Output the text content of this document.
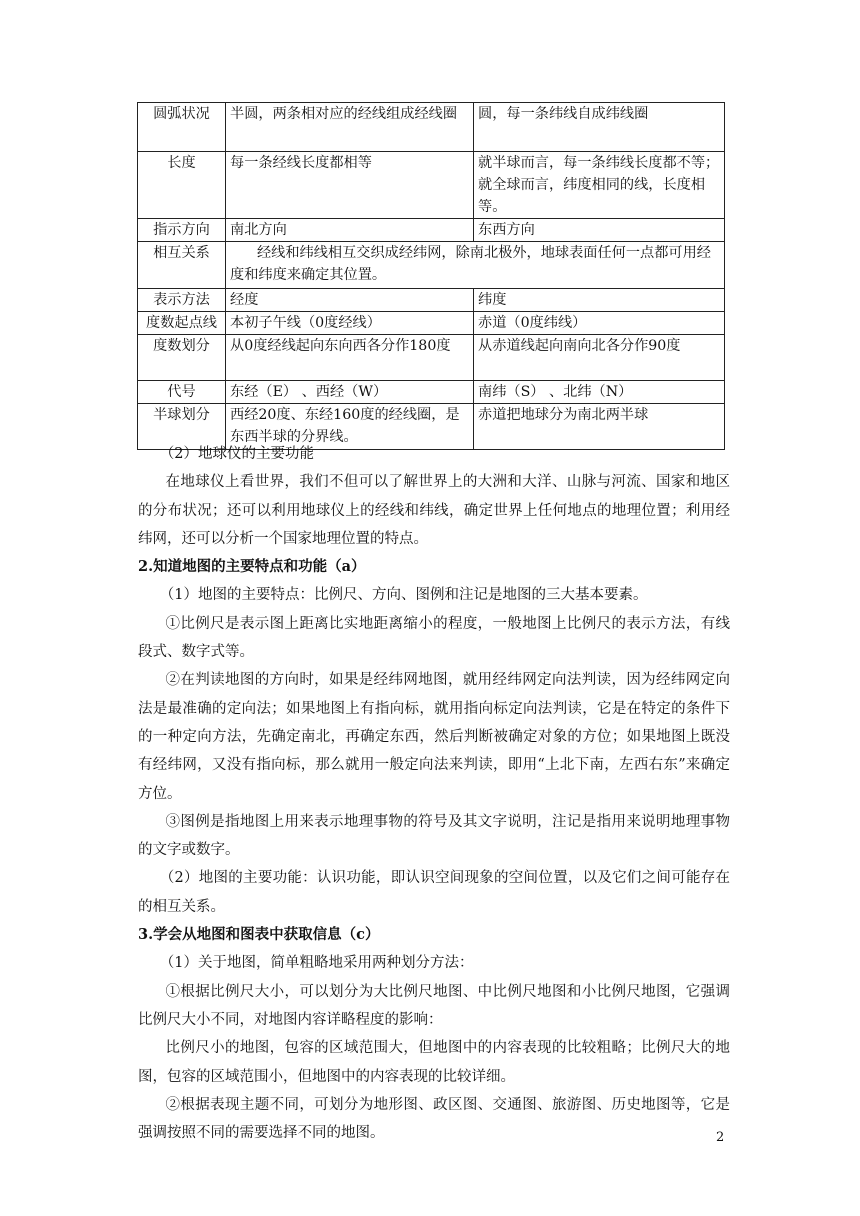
圆弧状况	半圆，两条相对应的经线组成经线圈	圆，每一条纬线自成纬线圈
长度	每一条经线长度都相等	就半球而言，每一条纬线长度都不等；就全球而言，纬度相同的线，长度相等。
指示方向	南北方向	东西方向
相互关系	经线和纬线相互交织成经纬网，除南北极外，地球表面任何一点都可用经度和纬度来确定其位置。	
表示方法	经度	纬度
度数起点线	本初子午线（0度经线）	赤道（0度纬线）
度数划分	从0度经线起向东向西各分作180度	从赤道线起向南向北各分作90度
代号	东经（E） 、西经（W）	南纬（S） 、北纬（N）
半球划分	西经20度、东经160度的经线圈，是东西半球的分界线。	赤道把地球分为南北两半球

（2）地球仪的主要功能

在地球仪上看世界，我们不但可以了解世界上的大洲和大洋、山脉与河流、国家和地区的分布状况；还可以利用地球仪上的经线和纬线，确定世界上任何地点的地理位置；利用经纬网，还可以分析一个国家地理位置的特点。

2.知道地图的主要特点和功能（a）

（1）地图的主要特点：比例尺、方向、图例和注记是地图的三大基本要素。

①比例尺是表示图上距离比实地距离缩小的程度，一般地图上比例尺的表示方法，有线段式、数字式等。

②在判读地图的方向时，如果是经纬网地图，就用经纬网定向法判读，因为经纬网定向法是最准确的定向法；如果地图上有指向标，就用指向标定向法判读，它是在特定的条件下的一种定向方法，先确定南北，再确定东西，然后判断被确定对象的方位；如果地图上既没有经纬网，又没有指向标，那么就用一般定向法来判读，即用“上北下南，左西右东”来确定方位。

③图例是指地图上用来表示地理事物的符号及其文字说明，注记是指用来说明地理事物的文字或数字。

（2）地图的主要功能：认识功能，即认识空间现象的空间位置，以及它们之间可能存在的相互关系。

3.学会从地图和图表中获取信息（c）

（1）关于地图，简单粗略地采用两种划分方法：

①根据比例尺大小，可以划分为大比例尺地图、中比例尺地图和小比例尺地图，它强调比例尺大小不同，对地图内容详略程度的影响：

比例尺小的地图，包容的区域范围大，但地图中的内容表现的比较粗略；比例尺大的地图，包容的区域范围小，但地图中的内容表现的比较详细。

②根据表现主题不同，可划分为地形图、政区图、交通图、旅游图、历史地图等，它是强调按照不同的需要选择不同的地图。	2
